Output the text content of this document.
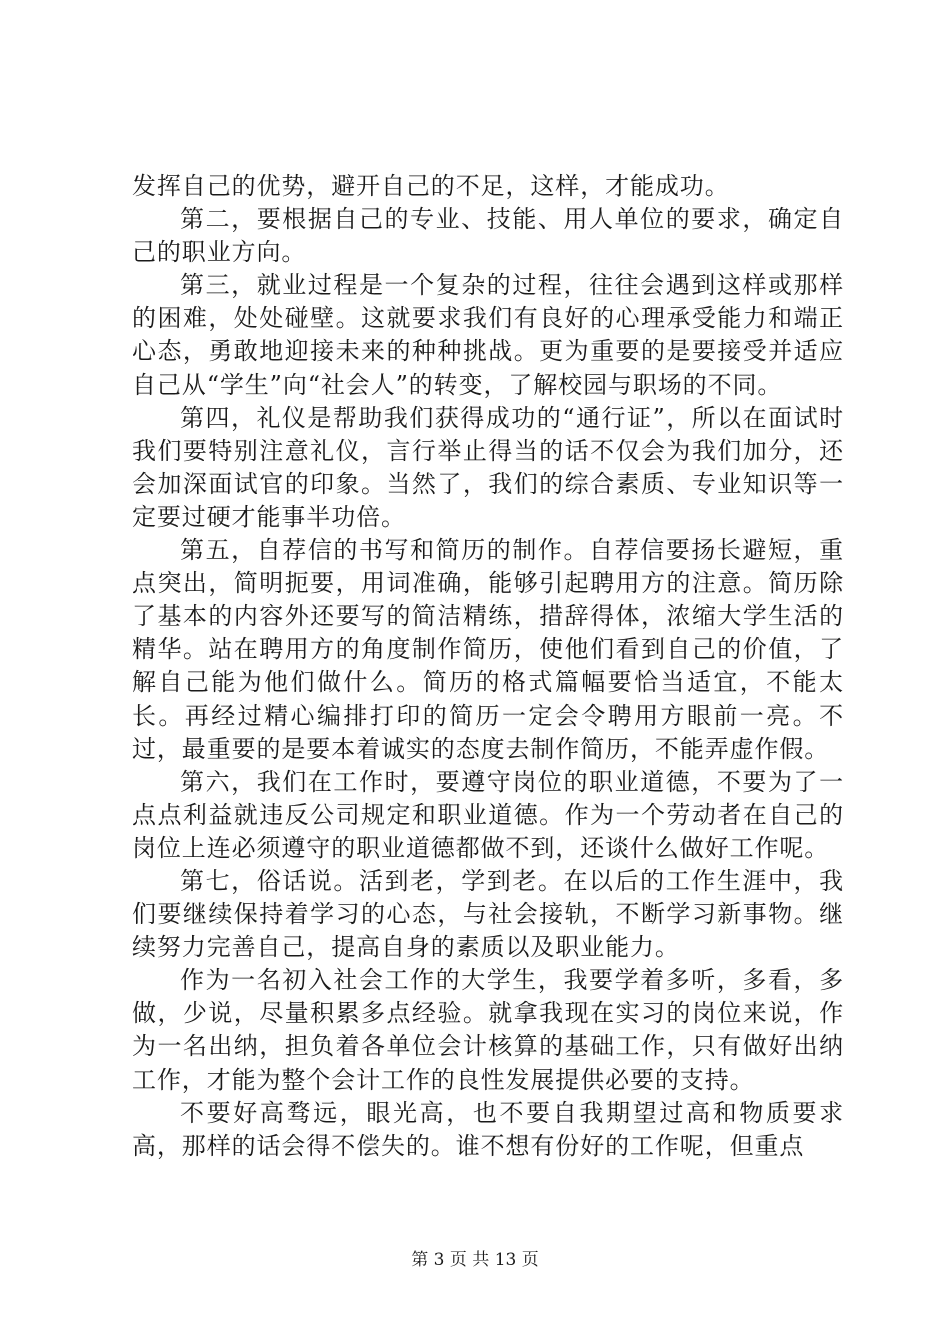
发挥自己的优势，避开自己的不足，这样，才能成功。

第二，要根据自己的专业、技能、用人单位的要求，确定自己的职业方向。

第三，就业过程是一个复杂的过程，往往会遇到这样或那样的困难，处处碰壁。这就要求我们有良好的心理承受能力和端正心态，勇敢地迎接未来的种种挑战。更为重要的是要接受并适应自己从“学生”向“社会人”的转变，了解校园与职场的不同。

第四，礼仪是帮助我们获得成功的“通行证”，所以在面试时我们要特别注意礼仪，言行举止得当的话不仅会为我们加分，还会加深面试官的印象。当然了，我们的综合素质、专业知识等一定要过硬才能事半功倍。

第五，自荐信的书写和简历的制作。自荐信要扬长避短，重点突出，简明扼要，用词准确，能够引起聘用方的注意。简历除了基本的内容外还要写的简洁精练，措辞得体，浓缩大学生活的精华。站在聘用方的角度制作简历，使他们看到自己的价值，了解自己能为他们做什么。简历的格式篇幅要恰当适宜，不能太长。再经过精心编排打印的简历一定会令聘用方眼前一亮。不过，最重要的是要本着诚实的态度去制作简历，不能弄虚作假。

第六，我们在工作时，要遵守岗位的职业道德，不要为了一点点利益就违反公司规定和职业道德。作为一个劳动者在自己的岗位上连必须遵守的职业道德都做不到，还谈什么做好工作呢。

第七，俗话说。活到老，学到老。在以后的工作生涯中，我们要继续保持着学习的心态，与社会接轨，不断学习新事物。继续努力完善自己，提高自身的素质以及职业能力。

作为一名初入社会工作的大学生，我要学着多听，多看，多做，少说，尽量积累多点经验。就拿我现在实习的岗位来说，作为一名出纳，担负着各单位会计核算的基础工作，只有做好出纳工作，才能为整个会计工作的良性发展提供必要的支持。

不要好高骛远，眼光高，也不要自我期望过高和物质要求高，那样的话会得不偿失的。谁不想有份好的工作呢，但重点

第 3 页 共 13 页
